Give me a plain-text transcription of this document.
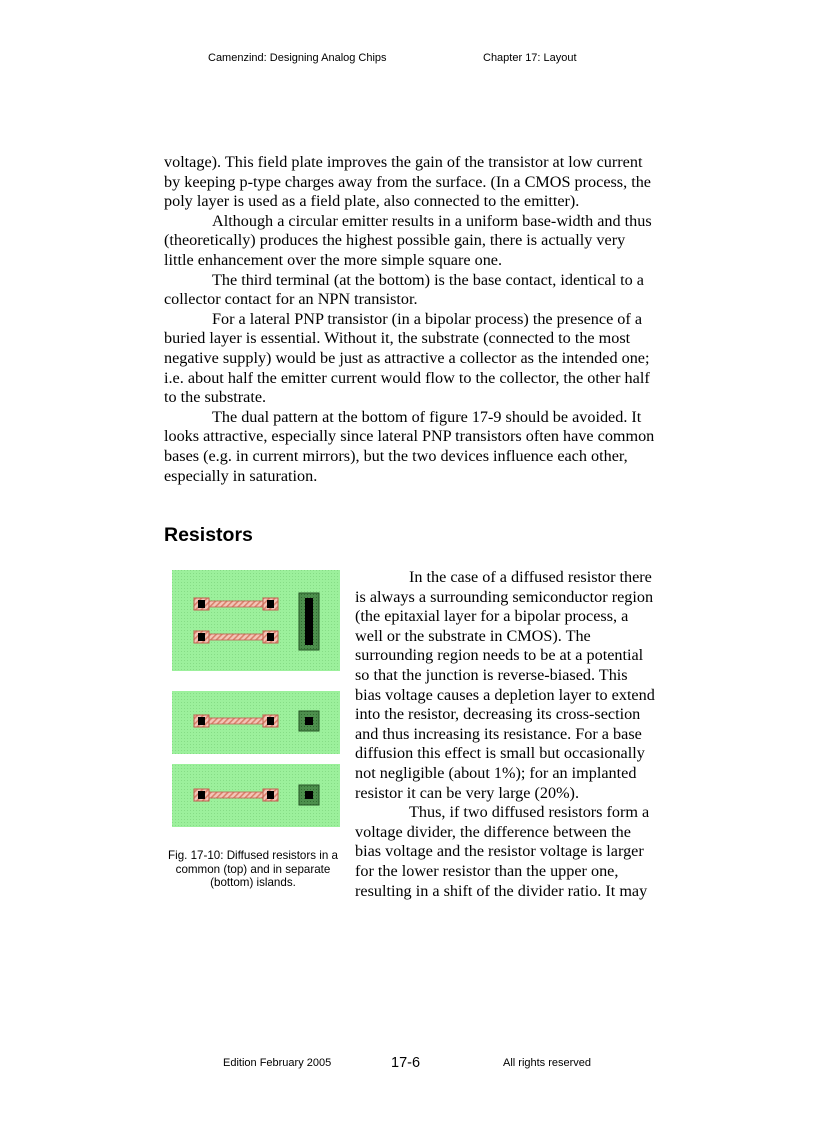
Camenzind: Designing Analog Chips	Chapter 17: Layout

voltage). This field plate improves the gain of the transistor at low current by keeping p-type charges away from the surface. (In a CMOS process, the poly layer is used as a field plate, also connected to the emitter).

Although a circular emitter results in a uniform base-width and thus (theoretically) produces the highest possible gain, there is actually very little enhancement over the more simple square one.

The third terminal (at the bottom) is the base contact, identical to a collector contact for an NPN transistor.

For a lateral PNP transistor (in a bipolar process) the presence of a buried layer is essential. Without it, the substrate (connected to the most negative supply) would be just as attractive a collector as the intended one; i.e. about half the emitter current would flow to the collector, the other half to the substrate.

The dual pattern at the bottom of figure 17-9 should be avoided. It looks attractive, especially since lateral PNP transistors often have common bases (e.g. in current mirrors), but the two devices influence each other, especially in saturation.

Resistors
Fig. 17-10: Diffused resistors in a common (top) and in separate (bottom) islands.

In the case of a diffused resistor there is always a surrounding semiconductor region (the epitaxial layer for a bipolar process, a well or the substrate in CMOS). The surrounding region needs to be at a potential so that the junction is reverse-biased. This bias voltage causes a depletion layer to extend into the resistor, decreasing its cross-section and thus increasing its resistance. For a base diffusion this effect is small but occasionally not negligible (about 1%); for an implanted resistor it can be very large (20%).

Thus, if two diffused resistors form a voltage divider, the difference between the bias voltage and the resistor voltage is larger for the lower resistor than the upper one, resulting in a shift of the divider ratio. It may

Edition February 2005	17-6	All rights reserved
